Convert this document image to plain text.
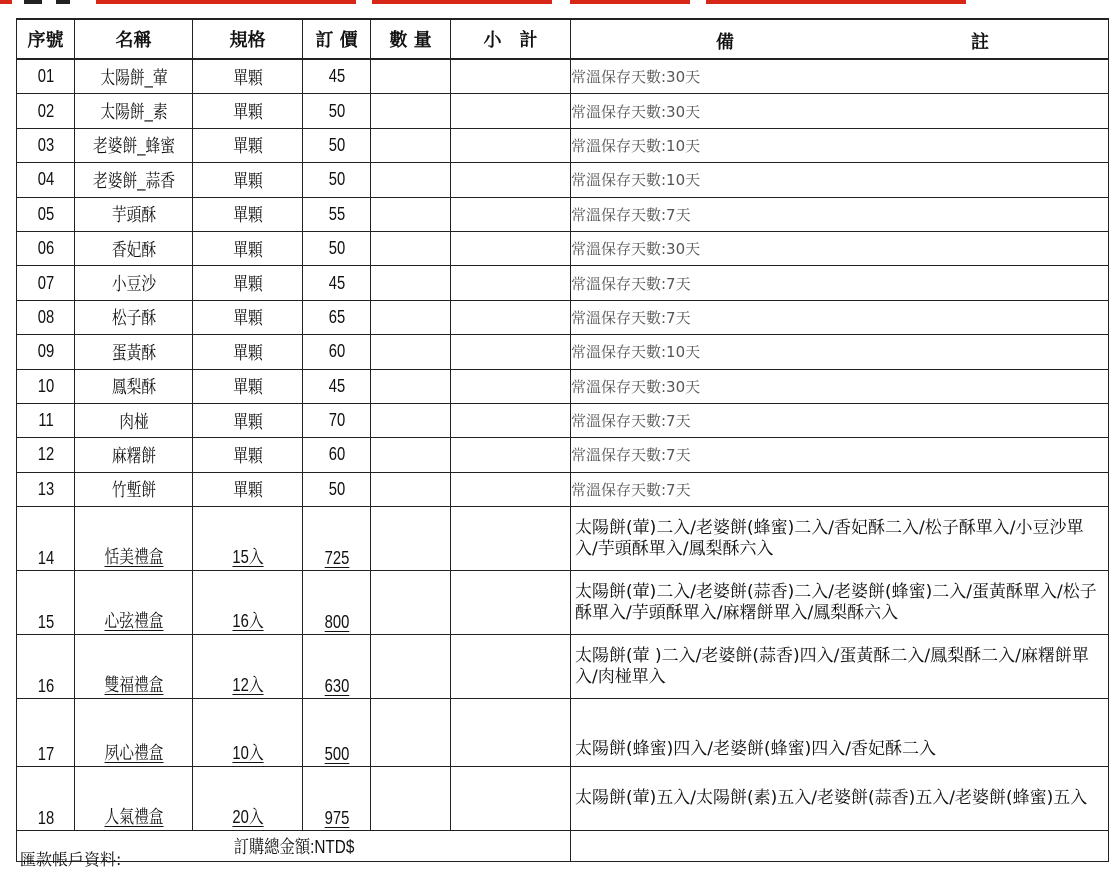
序號	名稱	規格	訂 價	數 量	小　計	備 註

01	太陽餅_葷	單顆	45			常溫保存天數:30天
02	太陽餅_素	單顆	50			常溫保存天數:30天
03	老婆餅_蜂蜜	單顆	50			常溫保存天數:10天
04	老婆餅_蒜香	單顆	50			常溫保存天數:10天
05	芋頭酥	單顆	55			常溫保存天數:7天
06	香妃酥	單顆	50			常溫保存天數:30天
07	小豆沙	單顆	45			常溫保存天數:7天
08	松子酥	單顆	65			常溫保存天數:7天
09	蛋黃酥	單顆	60			常溫保存天數:10天
10	鳳梨酥	單顆	45			常溫保存天數:30天
11	肉椪	單顆	70			常溫保存天數:7天
12	麻糬餅	單顆	60			常溫保存天數:7天
13	竹塹餅	單顆	50			常溫保存天數:7天
14	恬美禮盒	15入	725			太陽餅(葷)二入/老婆餅(蜂蜜)二入/香妃酥二入/松子酥單入/小豆沙單入/芋頭酥單入/鳳梨酥六入
15	心弦禮盒	16入	800			太陽餅(葷)二入/老婆餅(蒜香)二入/老婆餅(蜂蜜)二入/蛋黃酥單入/松子酥單入/芋頭酥單入/麻糬餅單入/鳳梨酥六入
16	雙福禮盒	12入	630			太陽餅(葷 )二入/老婆餅(蒜香)四入/蛋黃酥二入/鳳梨酥二入/麻糬餅單入/肉椪單入
17	夙心禮盒	10入	500			太陽餅(蜂蜜)四入/老婆餅(蜂蜜)四入/香妃酥二入
18	人氣禮盒	20入	975			太陽餅(葷)五入/太陽餅(素)五入/老婆餅(蒜香)五入/老婆餅(蜂蜜)五入
訂購總金額:NTD$						
匯款帳戶資料:
